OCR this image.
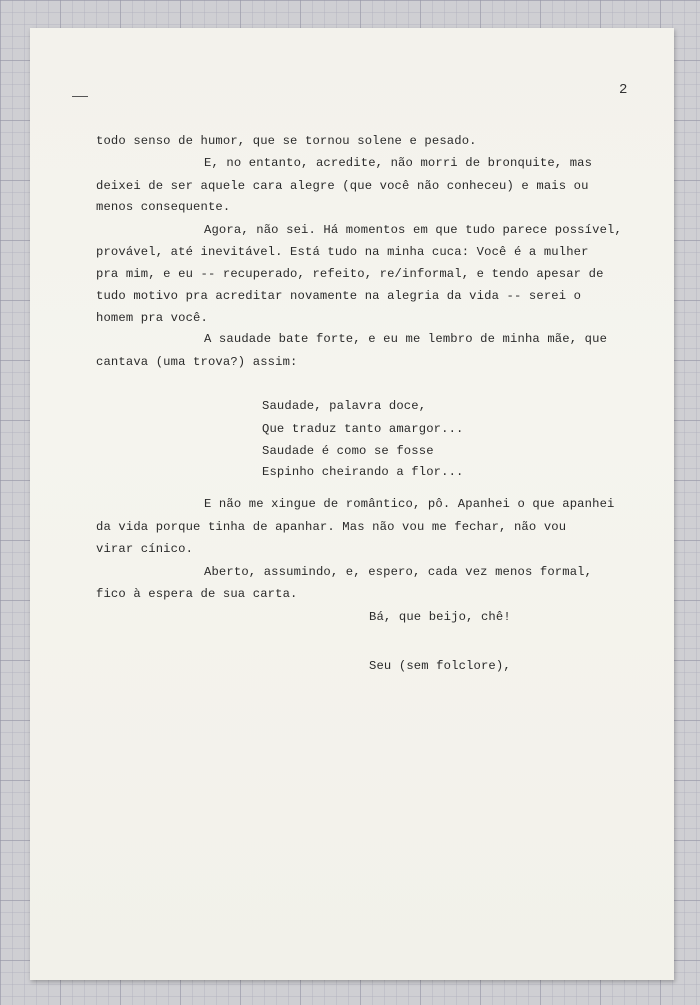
2
todo senso de humor, que se tornou solene e pesado.
E, no entanto, acredite, não morri de bronquite, mas
deixei de ser aquele cara alegre (que você não conheceu) e mais ou
menos consequente.
Agora, não sei. Há momentos em que tudo parece possível,
provável, até inevitável. Está tudo na minha cuca: Você é a mulher
pra mim, e eu -- recuperado, refeito, re/informal, e tendo apesar de
tudo motivo pra acreditar novamente na alegria da vida -- serei o
homem pra você.
A saudade bate forte, e eu me lembro de minha mãe, que
cantava (uma trova?) assim:
Saudade, palavra doce,
Que traduz tanto amargor...
Saudade é como se fosse
Espinho cheirando a flor...
E não me xingue de romântico, pô. Apanhei o que apanhei
da vida porque tinha de apanhar. Mas não vou me fechar, não vou
virar cínico.
Aberto, assumindo, e, espero, cada vez menos formal,
fico à espera de sua carta.
Bá, que beijo, chê!
Seu (sem folclore),
